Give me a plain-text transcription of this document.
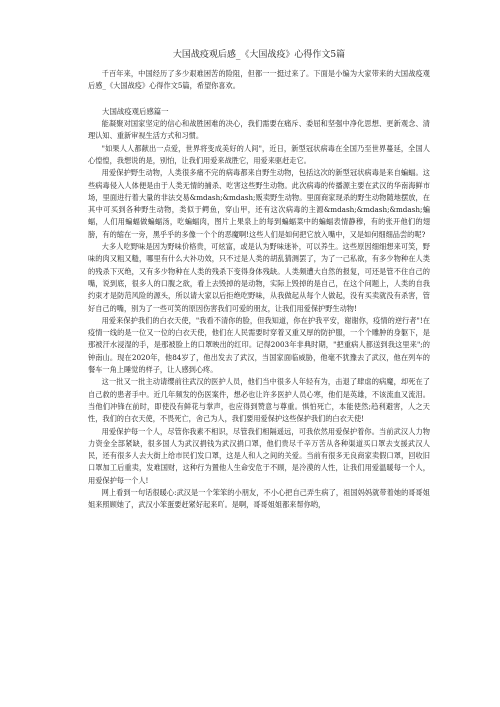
大国战疫观后感_《大国战疫》心得作文5篇

千百年来，中国经历了多少艰难困苦的险阻，但都一一挺过来了。下面是小编为大家带来的大国战疫观后感_《大国战疫》心得作文5篇，希望你喜欢。

大国战疫观后感篇一

能凝聚对国家坚定的信心和战胜困难的决心，我们需要在痛斥、委屈和坚强中净化思想、更新观念、清理认知、重新审视生活方式和习惯。

"如果人人都献出一点爱，世界将变成美好的人间"，近日，新型冠状病毒在全国乃至世界蔓延，全国人心惶惶，我想说的是，别怕，让我们用爱来战胜它，用爱来驱赶走它。

用爱保护野生动物，人类很多痛不完的病毒都来自野生动物，包括这次的新型冠状病毒是来自蝙蝠。这些病毒侵入人体便是由于人类无情的捕杀、吃害这些野生动物。此次病毒的传播源主要在武汉的华南海鲜市场，里面进行着大量的非法交易&mdash;&mdash;贩卖野生动物。里面商家现杀的野生动物随地摆放，在其中可买到各种野生动物，类似于鳄鱼，穿山甲，还有这次病毒的主源&mdash;&mdash;&mdash;蝙蝠，人们用蝙蝠做蝙蝠汤，吃蝙蝠肉，图片上果泉上的每到蝙蝠菜中的蝙蝠表情静穆，有的张开他们的翅膀，有的缩在一旁，黑乎乎的多像一个个的恶魔啊!这些人们是如何把它放入嘴中，又是如何细细品尝的呢?

大多人吃野味是因为野味价格贵，可炫富，或是认为野味迷补，可以养生。这些原因细细想来可笑，野味的肉又粗又糙，哪里有什么大补功效，只不过是人类的胡乱猜测罢了，为了一己私欲，有多少物种在人类的残杀下灭绝，又有多少物种在人类的残杀下变得身体残缺。人类频遭大自然的报复，可还是管不住自己的嘴，说到底，很多人的口腹之欲，看上去毁掉的是动物，实际上毁掉的是自己，在这个问题上，人类的自我约束才是防范风险的源头，所以请大家以后拒绝吃野味，从我做起从每个人做起，没有买卖就没有杀害，管好自己的嘴，别为了一些可笑的原因伤害我们可爱的朋友，让我们用爱保护野生动物!

用爱来保护我们的白衣天使，"我看不清你的脸，但我知道，你在护我平安，谢谢你，疫情的逆行者"!在疫情一线的是一位又一位的白衣天使，他们在人民需要时穿着又重又厚的防护服，一个个雕肿的身躯下，是那被汗水浸湿的手，是那被脸上的口罩映出的红印。记得2003年非典时期，"把重病人都送到我这里来";的钟南山。现在2020年，他84岁了，他出发去了武汉，当国家面临威胁，他毫不犹豫去了武汉，他在列车的餐车一角上睡觉的样子，让人感到心疼。

这一批又一批主动请缨前往武汉的医护人员，他们当中很多人年轻有为，击退了肆虐的病魔，却死在了自己救的患者手中。近几年频发的伤医案件，想必也让许多医护人员心寒，他们是英雄，不该流血又流泪。当他们冲锋在前时，即使没有鲜花与掌声，也应得到赞意与尊重。惧怕死亡，本能使然;趋利避害，人之天性，我们的白衣天使，不畏死亡，舍己为人，我们要用爱保护这些保护我们的白衣天使!

用爱保护每一个人，尽管你我素不相识，尽管我们相隔遥远，可我依然用爱保护着你。当前武汉人力物力资金全部紧缺，很多国人为武汉捐钱为武汉捐口罩，他们贵尽千辛万苦从各种渠道买口罩去支援武汉人民，还有很多人去大街上给市民们发口罩，这是人和人之间的关爱。当前有很多无良商家卖假口罩，回收旧口罩加工后重卖，发难国财，这种行为置他人生命安危于不顾，是冷漠的人性，让我们用爱温暖每一个人，用爱保护每一个人!

网上看到一句话很暖心:武汉是一个笨笨的小朋友，不小心把自己弄生病了，祖国妈妈就带着她的哥哥姐姐来照顾她了，武汉小笨蛋要赶紧好起来吖。是啊，哥哥姐姐都来帮你哟，
